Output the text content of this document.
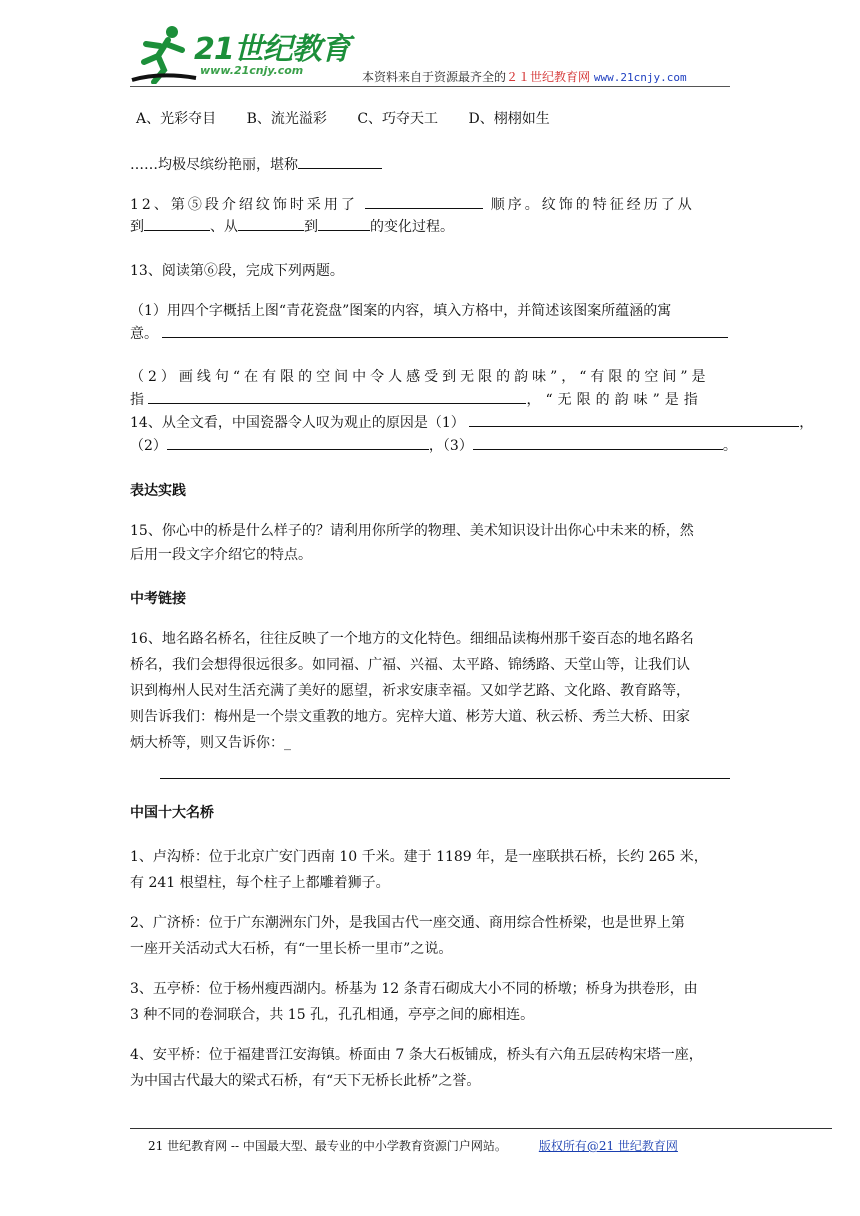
21世纪教育
www.21cnjy.com	本资料来自于资源最齐全的２１世纪教育网 www.21cnjy.com
A、光彩夺目 B、流光溢彩 C、巧夺天工 D、栩栩如生
……均极尽缤纷艳丽，堪称
12、第⑤段介绍纹饰时采用了	顺序。纹饰的特征经历了从
到	、从	到	的变化过程。
13、阅读第⑥段，完成下列两题。
（1）用四个字概括上图“青花瓷盘”图案的内容，填入方格中，并简述该图案所蕴涵的寓
意。
（2）画线句“在有限的空间中令人感受到无限的韵味”，“有限的空间”是
指	，“无限的韵味”是指
14、从全文看，中国瓷器令人叹为观止的原因是（1）	，
（2）	，（3）	。
表达实践
15、你心中的桥是什么样子的？请利用你所学的物理、美术知识设计出你心中未来的桥，然
后用一段文字介绍它的特点。
中考链接
16、地名路名桥名，往往反映了一个地方的文化特色。细细品读梅州那千姿百态的地名路名
桥名，我们会想得很远很多。如同福、广福、兴福、太平路、锦绣路、天堂山等，让我们认
识到梅州人民对生活充满了美好的愿望，祈求安康幸福。又如学艺路、文化路、教育路等，
则告诉我们：梅州是一个崇文重教的地方。宪梓大道、彬芳大道、秋云桥、秀兰大桥、田家
炳大桥等，则又告诉你：_
中国十大名桥
1、卢沟桥：位于北京广安门西南 10 千米。建于 1189 年，是一座联拱石桥，长约 265 米，
有 241 根望柱，每个柱子上都雕着狮子。
2、广济桥：位于广东潮洲东门外，是我国古代一座交通、商用综合性桥梁，也是世界上第
一座开关活动式大石桥，有“一里长桥一里市”之说。
3、五亭桥：位于杨州瘦西湖内。桥基为 12 条青石砌成大小不同的桥墩；桥身为拱卷形，由
3 种不同的卷洞联合，共 15 孔，孔孔相通，亭亭之间的廊相连。
4、安平桥：位于福建晋江安海镇。桥面由 7 条大石板铺成，桥头有六角五层砖构宋塔一座，
为中国古代最大的梁式石桥，有“天下无桥长此桥”之誉。
21 世纪教育网 -- 中国最大型、最专业的中小学教育资源门户网站。	版权所有@21 世纪教育网
